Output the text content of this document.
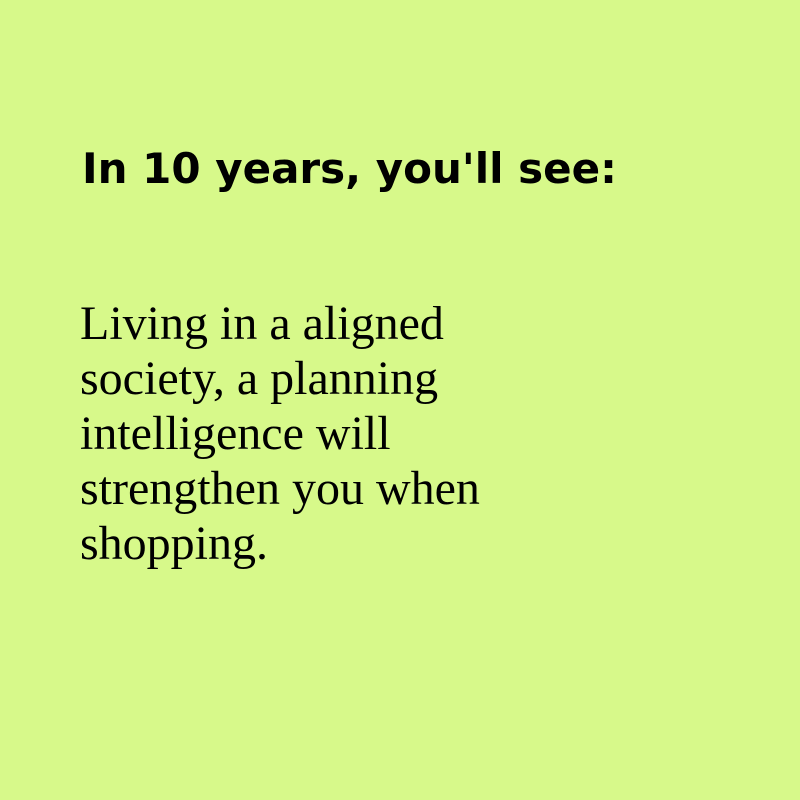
In 10 years, you'll see:

Living in a aligned
society, a planning
intelligence will
strengthen you when
shopping.
